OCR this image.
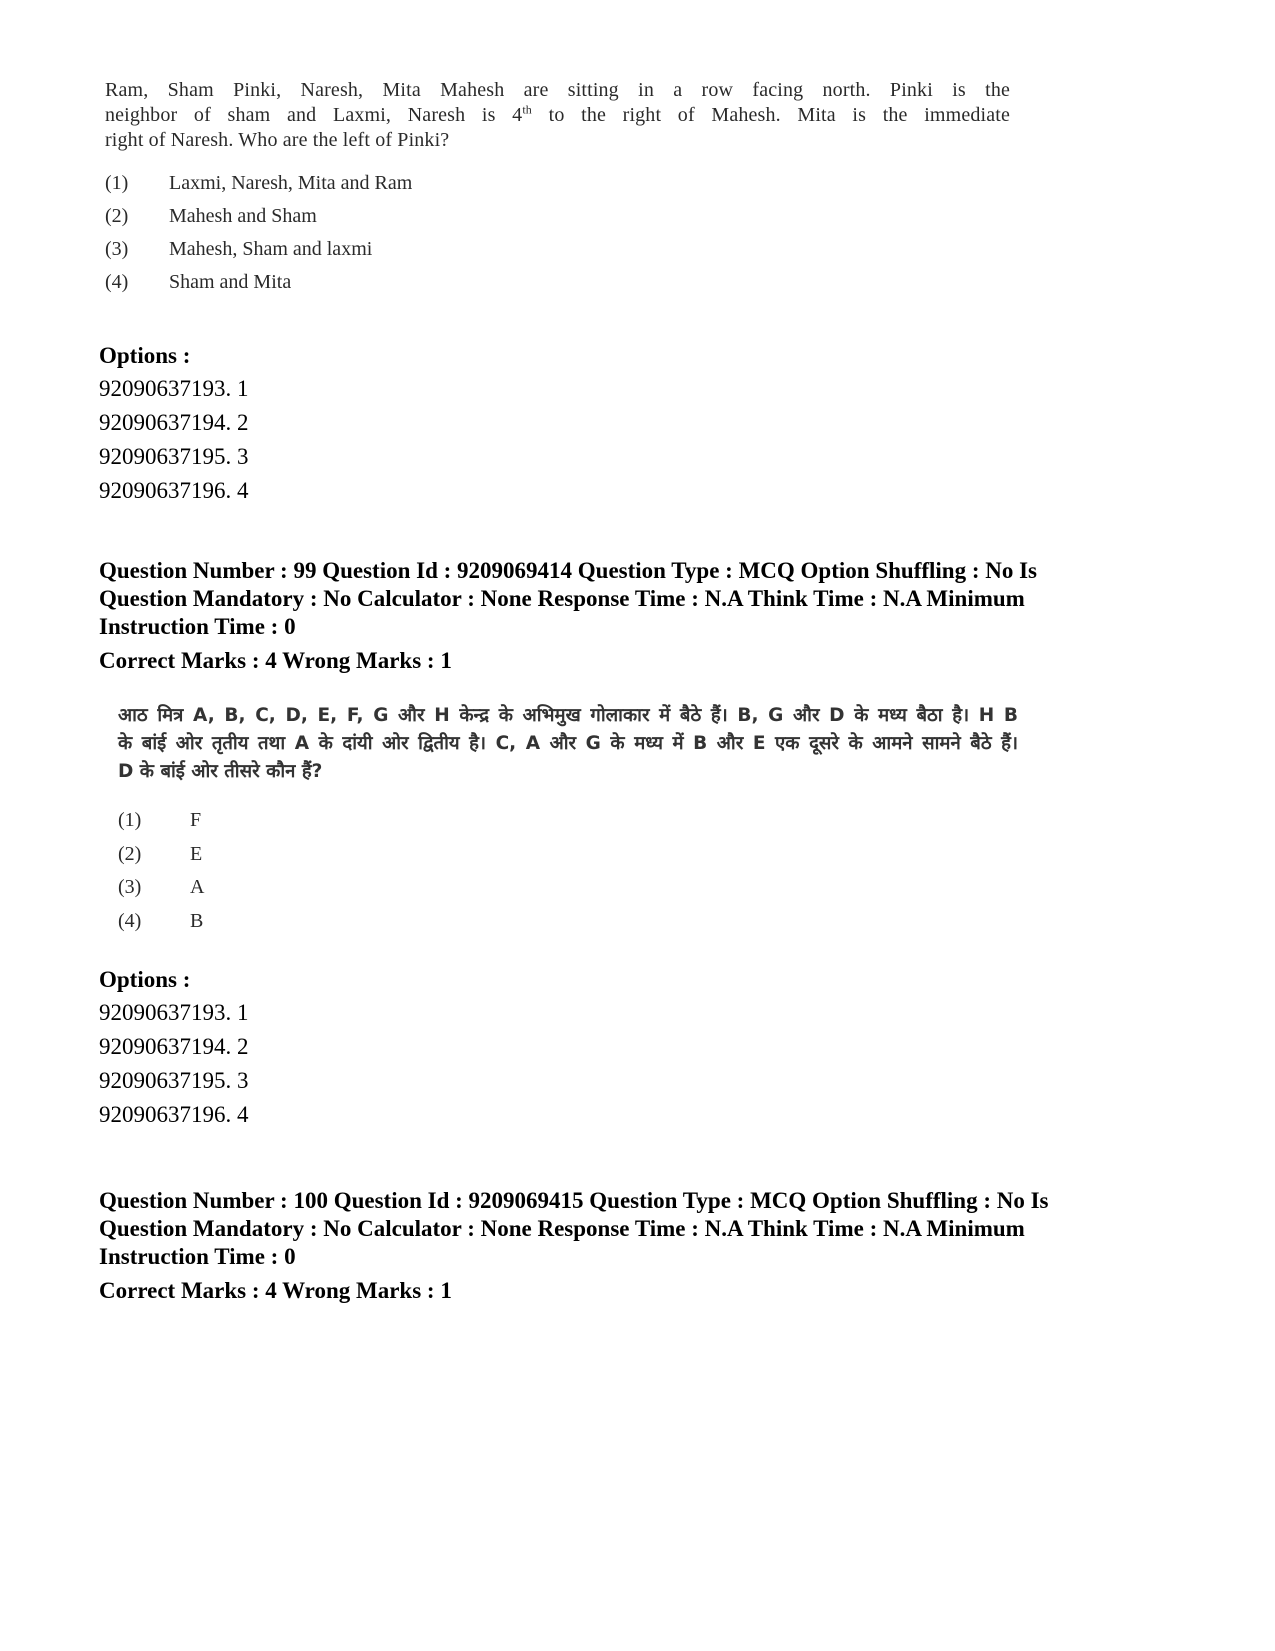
Ram, Sham Pinki, Naresh, Mita Mahesh are sitting in a row facing north. Pinki is the
neighbor of sham and Laxmi, Naresh is 4th to the right of Mahesh. Mita is the immediate
right of Naresh. Who are the left of Pinki?

(1)	Laxmi, Naresh, Mita and Ram
(2)	Mahesh and Sham
(3)	Mahesh, Sham and laxmi
(4)	Sham and Mita
Options :
92090637193. 1
92090637194. 2
92090637195. 3
92090637196. 4
Question Number : 99 Question Id : 9209069414 Question Type : MCQ Option Shuffling : No Is
Question Mandatory : No Calculator : None Response Time : N.A Think Time : N.A Minimum
Instruction Time : 0
Correct Marks : 4 Wrong Marks : 1

आठ मित्र A, B, C, D, E, F, G और H केन्द्र के अभिमुख गोलाकार में बैठे हैं। B, G और D के मध्य बैठा है। H B
के बांई ओर तृतीय तथा A के दांयी ओर द्वितीय है। C, A और G के मध्य में B और E एक दूसरे के आमने सामने बैठे हैं।
D के बांई ओर तीसरे कौन हैं?

(1)	F
(2)	E
(3)	A
(4)	B
Options :
92090637193. 1
92090637194. 2
92090637195. 3
92090637196. 4
Question Number : 100 Question Id : 9209069415 Question Type : MCQ Option Shuffling : No Is
Question Mandatory : No Calculator : None Response Time : N.A Think Time : N.A Minimum
Instruction Time : 0
Correct Marks : 4 Wrong Marks : 1
